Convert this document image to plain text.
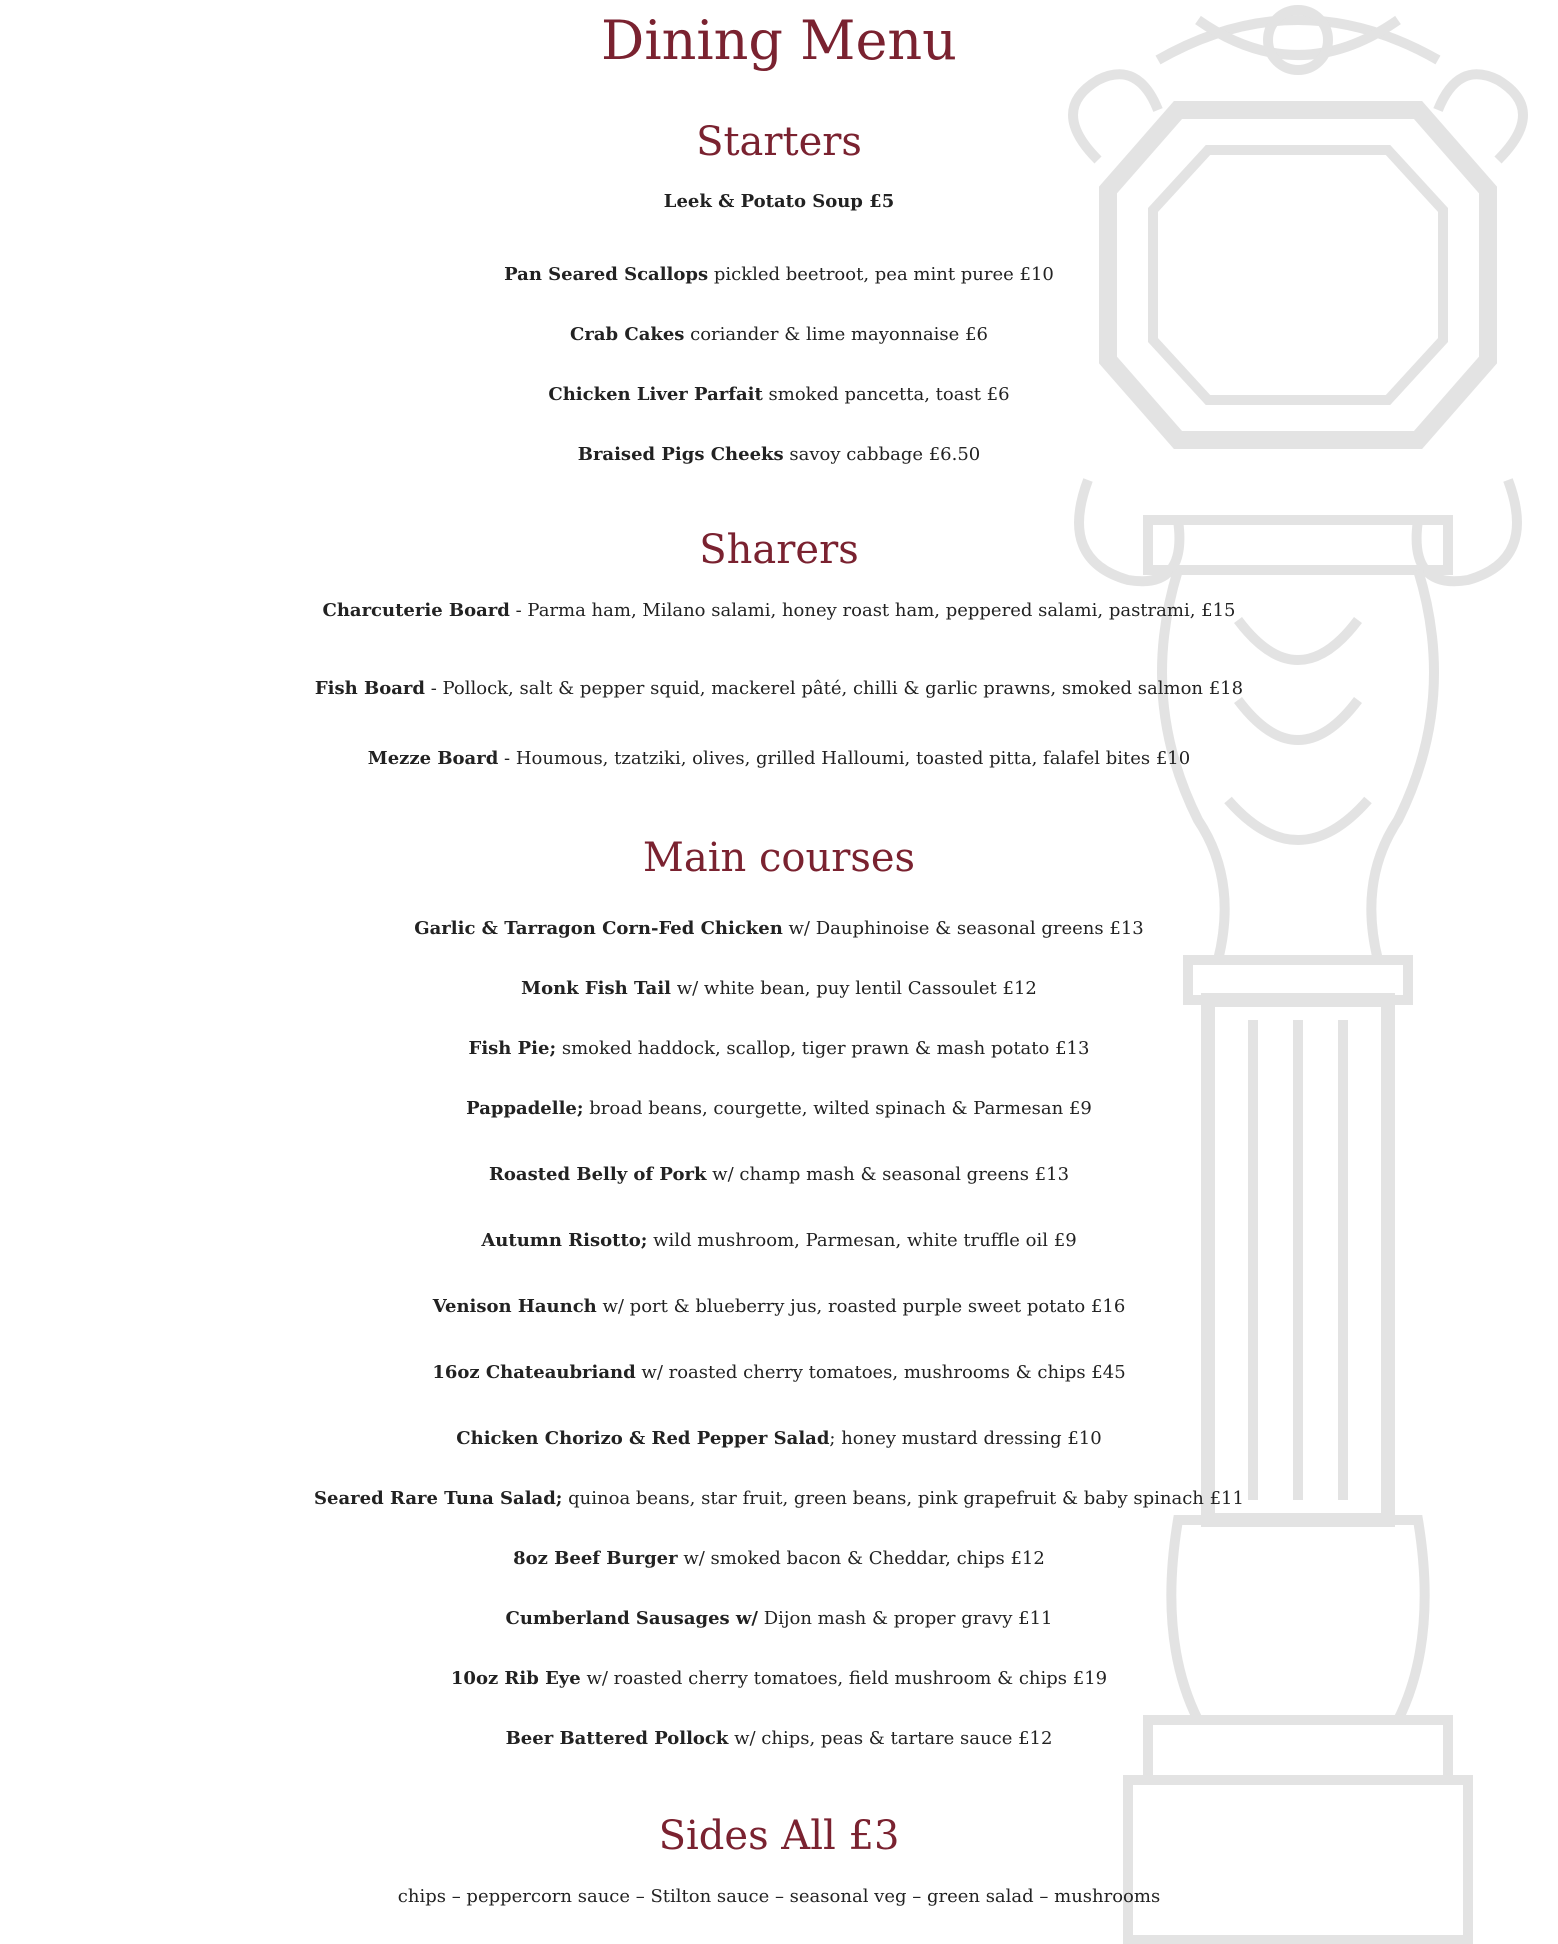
Dining Menu
Starters
Leek & Potato Soup £5
Pan Seared Scallops pickled beetroot, pea mint puree £10
Crab Cakes coriander & lime mayonnaise £6
Chicken Liver Parfait smoked pancetta, toast £6
Braised Pigs Cheeks savoy cabbage £6.50
Sharers
Charcuterie Board - Parma ham, Milano salami, honey roast ham, peppered salami, pastrami, £15
Fish Board - Pollock, salt & pepper squid, mackerel pâté, chilli & garlic prawns, smoked salmon £18
Mezze Board - Houmous, tzatziki, olives, grilled Halloumi, toasted pitta, falafel bites £10
Main courses
Garlic & Tarragon Corn-Fed Chicken w/ Dauphinoise & seasonal greens £13
Monk Fish Tail w/ white bean, puy lentil Cassoulet £12
Fish Pie; smoked haddock, scallop, tiger prawn & mash potato £13
Pappadelle; broad beans, courgette, wilted spinach & Parmesan £9
Roasted Belly of Pork w/ champ mash & seasonal greens £13
Autumn Risotto; wild mushroom, Parmesan, white truffle oil £9
Venison Haunch w/ port & blueberry jus, roasted purple sweet potato £16
16oz Chateaubriand w/ roasted cherry tomatoes, mushrooms & chips £45
Chicken Chorizo & Red Pepper Salad; honey mustard dressing £10
Seared Rare Tuna Salad; quinoa beans, star fruit, green beans, pink grapefruit & baby spinach £11
8oz Beef Burger w/ smoked bacon & Cheddar, chips £12
Cumberland Sausages w/ Dijon mash & proper gravy £11
10oz Rib Eye w/ roasted cherry tomatoes, field mushroom & chips £19
Beer Battered Pollock w/ chips, peas & tartare sauce £12
Sides All £3
chips – peppercorn sauce – Stilton sauce – seasonal veg – green salad – mushrooms
